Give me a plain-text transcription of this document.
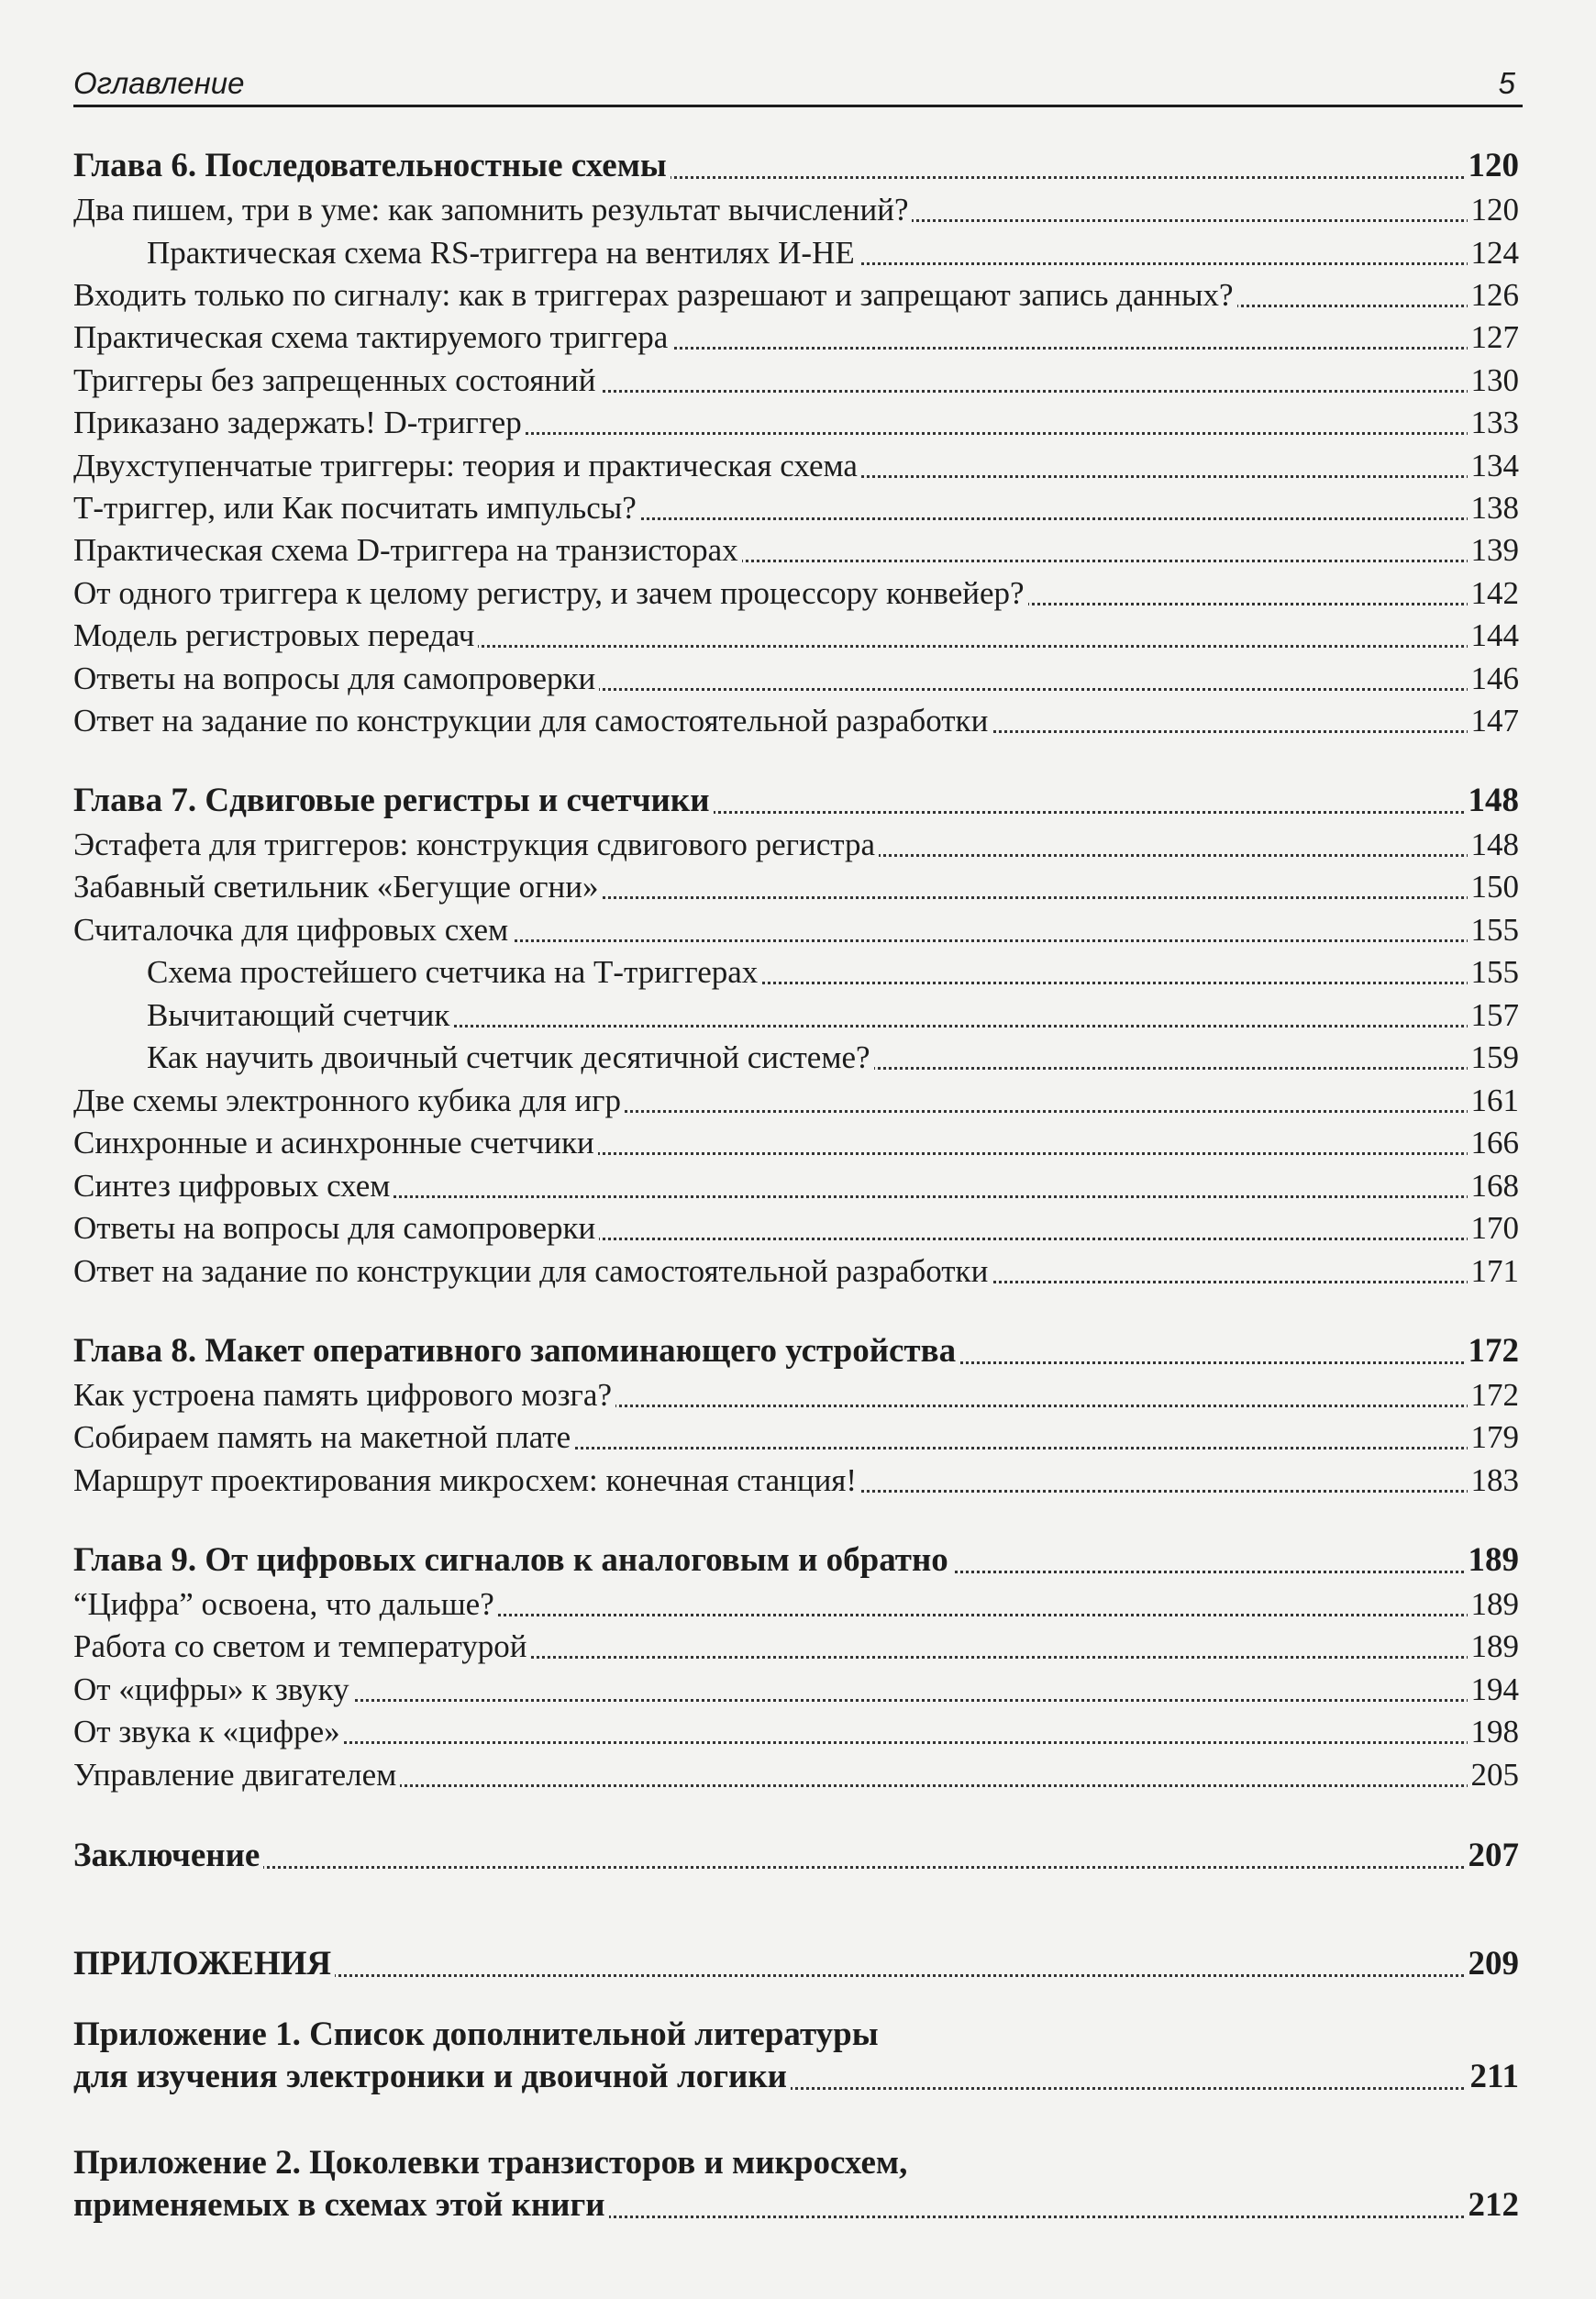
Оглавление	5
Глава 6. Последовательностные схемы	120
Два пишем, три в уме: как запомнить результат вычислений?	120
Практическая схема RS-триггера на вентилях И-НЕ	124
Входить только по сигналу: как в триггерах разрешают и запрещают запись данных?	126
Практическая схема тактируемого триггера	127
Триггеры без запрещенных состояний	130
Приказано задержать! D-триггер	133
Двухступенчатые триггеры: теория и практическая схема	134
Т-триггер, или Как посчитать импульсы?	138
Практическая схема D-триггера на транзисторах	139
От одного триггера к целому регистру, и зачем процессору конвейер?	142
Модель регистровых передач	144
Ответы на вопросы для самопроверки	146
Ответ на задание по конструкции для самостоятельной разработки	147
Глава 7. Сдвиговые регистры и счетчики	148
Эстафета для триггеров: конструкция сдвигового регистра	148
Забавный светильник «Бегущие огни»	150
Считалочка для цифровых схем	155
Схема простейшего счетчика на Т-триггерах	155
Вычитающий счетчик	157
Как научить двоичный счетчик десятичной системе?	159
Две схемы электронного кубика для игр	161
Синхронные и асинхронные счетчики	166
Синтез цифровых схем	168
Ответы на вопросы для самопроверки	170
Ответ на задание по конструкции для самостоятельной разработки	171
Глава 8. Макет оперативного запоминающего устройства	172
Как устроена память цифрового мозга?	172
Собираем память на макетной плате	179
Маршрут проектирования микросхем: конечная станция!	183
Глава 9. От цифровых сигналов к аналоговым и обратно	189
“Цифра” освоена, что дальше?	189
Работа со светом и температурой	189
От «цифры» к звуку	194
От звука к «цифре»	198
Управление двигателем	205
Заключение	207
ПРИЛОЖЕНИЯ	209
Приложение 1. Список дополнительной литературы
для изучения электроники и двоичной логики	211
Приложение 2. Цоколевки транзисторов и микросхем,
применяемых в схемах этой книги	212
